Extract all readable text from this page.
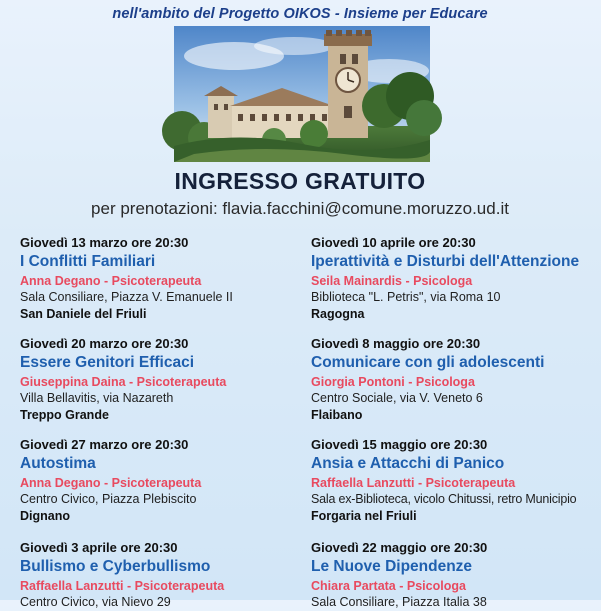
nell'ambito del Progetto OIKOS - Insieme per Educare
INGRESSO GRATUITO
per prenotazioni: flavia.facchini@comune.moruzzo.ud.it
Giovedì 13 marzo ore 20:30
I Conflitti Familiari
Anna Degano - Psicoterapeuta
Sala Consiliare, Piazza V. Emanuele II
San Daniele del Friuli
Giovedì 20 marzo ore 20:30
Essere Genitori Efficaci
Giuseppina Daina - Psicoterapeuta
Villa Bellavitis, via Nazareth
Treppo Grande
Giovedì 27 marzo ore 20:30
Autostima
Anna Degano - Psicoterapeuta
Centro Civico, Piazza Plebiscito
Dignano
Giovedì 3 aprile ore 20:30
Bullismo e Cyberbullismo
Raffaella Lanzutti - Psicoterapeuta
Centro Civico, via Nievo 29
Giovedì 10 aprile ore 20:30
Iperattività e Disturbi dell'Attenzione
Seila Mainardis - Psicologa
Biblioteca "L. Petris", via Roma 10
Ragogna
Giovedì 8 maggio ore 20:30
Comunicare con gli adolescenti
Giorgia Pontoni - Psicologa
Centro Sociale, via V. Veneto 6
Flaibano
Giovedì 15 maggio ore 20:30
Ansia e Attacchi di Panico
Raffaella Lanzutti - Psicoterapeuta
Sala ex-Biblioteca, vicolo Chitussi, retro Municipio
Forgaria nel Friuli
Giovedì 22 maggio ore 20:30
Le Nuove Dipendenze
Chiara Partata - Psicologa
Sala Consiliare, Piazza Italia 38
